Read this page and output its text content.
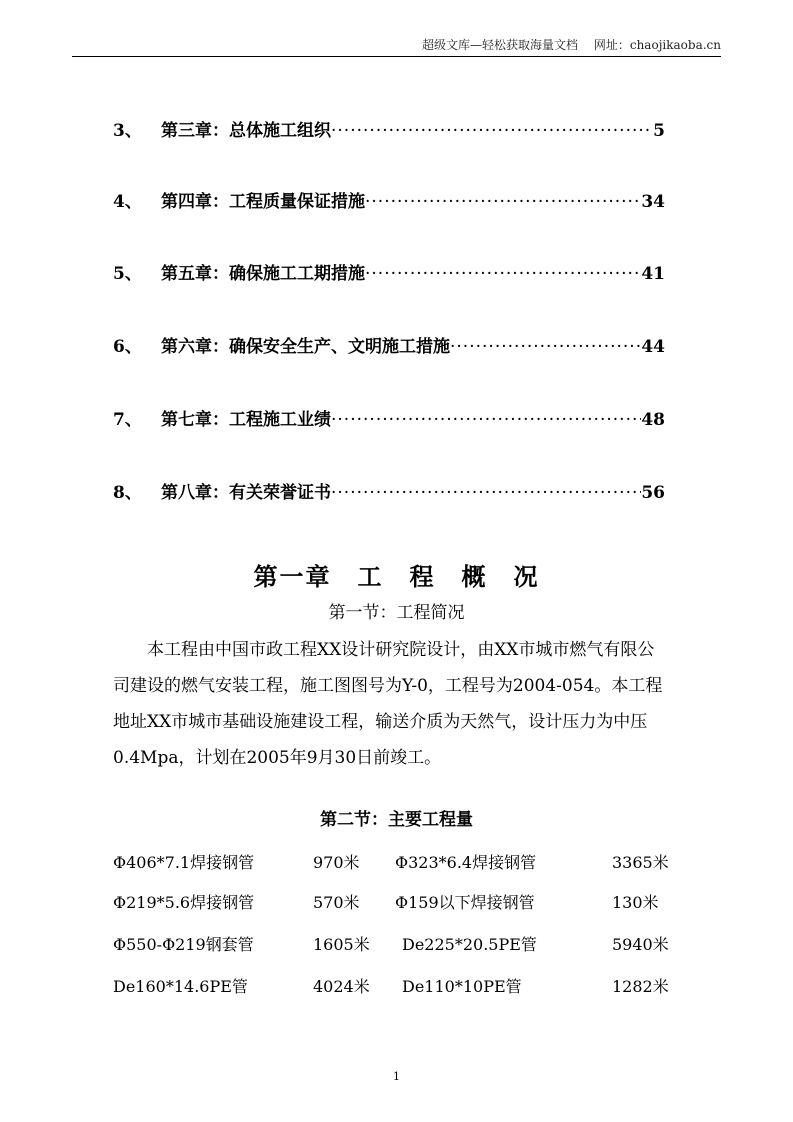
超级文库—轻松获取海量文档 网址：chaojikaoba.cn
3、	第三章：总体施工组织 ·····	5
4、	第四章：工程质量保证措施 ·····	34
5、	第五章：确保施工工期措施 ·····	41
6、	第六章：确保安全生产、文明施工措施 ·····	44
7、	第七章：工程施工业绩 ·····	48
8、	第八章：有关荣誉证书 ·····	56
第一章　工　程　概　况
第一节：工程简况
　　本工程由中国市政工程XX设计研究院设计，由XX市城市燃气有限公
司建设的燃气安装工程，施工图图号为Y-0，工程号为2004-054。本工程
地址XX市城市基础设施建设工程，输送介质为天然气，设计压力为中压
0.4Mpa，计划在2005年9月30日前竣工。
第二节：主要工程量
Φ406*7.1焊接钢管	970米 Φ323*6.4焊接钢管	3365米
Φ219*5.6焊接钢管	570米 Φ159以下焊接钢管	130米
Φ550-Φ219钢套管	1605米 De225*20.5PE管	5940米
De160*14.6PE管	4024米 De110*10PE管	1282米
1
